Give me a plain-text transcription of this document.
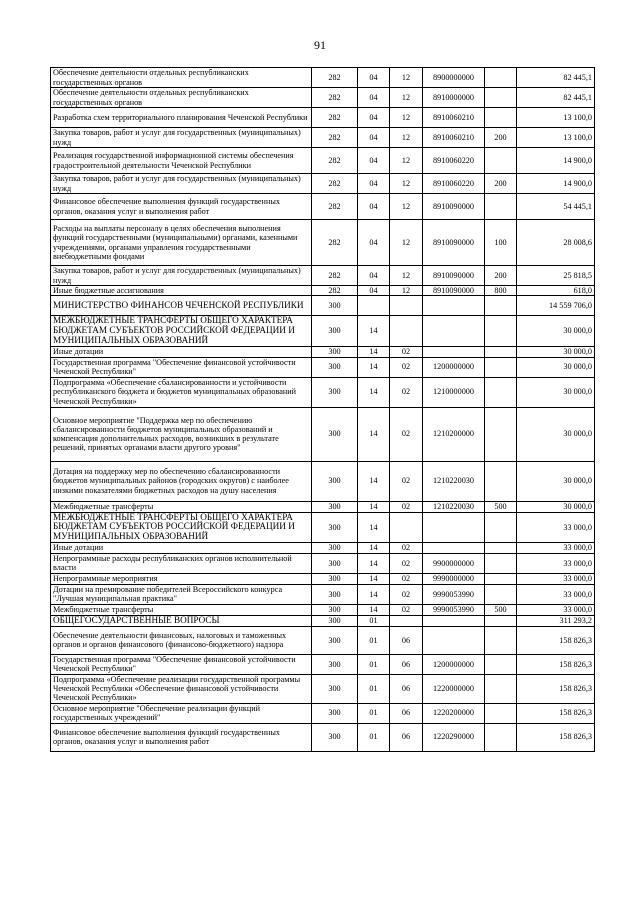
91
Обеспечение деятельности отдельных республиканских государственных органов	282	04	12	8900000000		82 445,1
Обеспечение деятельности отдельных республиканских государственных органов	282	04	12	8910000000		82 445,1
Разработка схем территориального планирования Чеченской Республики	282	04	12	8910060210		13 100,0
Закупка товаров, работ и услуг для государственных (муниципальных) нужд	282	04	12	8910060210	200	13 100,0
Реализация государственной информационной системы обеспечения градостроительной деятельности Чеченской Республики	282	04	12	8910060220		14 900,0
Закупка товаров, работ и услуг для государственных (муниципальных) нужд	282	04	12	8910060220	200	14 900,0
Финансовое обеспечение выполнения функций государственных органов, оказания услуг и выполнения работ	282	04	12	8910090000		54 445,1
Расходы на выплаты персоналу в целях обеспечения выполнения функций государственными (муниципальными) органами, казенными учреждениями, органами управления государственными внебюджетными фондами	282	04	12	8910090000	100	28 008,6
Закупка товаров, работ и услуг для государственных (муниципальных) нужд	282	04	12	8910090000	200	25 818,5
Иные бюджетные ассигнования	282	04	12	8910090000	800	618,0
МИНИСТЕРСТВО ФИНАНСОВ ЧЕЧЕНСКОЙ РЕСПУБЛИКИ	300					14 559 706,0
МЕЖБЮДЖЕТНЫЕ ТРАНСФЕРТЫ ОБЩЕГО ХАРАКТЕРА БЮДЖЕТАМ СУБЪЕКТОВ РОССИЙСКОЙ ФЕДЕРАЦИИ И МУНИЦИПАЛЬНЫХ ОБРАЗОВАНИЙ	300	14				30 000,0
Иные дотации	300	14	02			30 000,0
Государственная программа "Обеспечение финансовой устойчивости Чеченской Республики"	300	14	02	1200000000		30 000,0
Подпрограмма «Обеспечение сбалансированности и устойчивости республиканского бюджета и бюджетов муниципальных образований Чеченской Республики»	300	14	02	1210000000		30 000,0
Основное мероприятие "Поддержка мер по обеспечению сбалансированности бюджетов муниципальных образований и компенсация дополнительных расходов, возникших в результате решений, принятых органами власти другого уровня"	300	14	02	1210200000		30 000,0
Дотация на поддержку мер по обеспечению сбалансированности бюджетов муниципальных районов (городских округов) с наиболее низкими показателями бюджетных расходов на душу населения	300	14	02	1210220030		30 000,0
Межбюджетные трансферты	300	14	02	1210220030	500	30 000,0
МЕЖБЮДЖЕТНЫЕ ТРАНСФЕРТЫ ОБЩЕГО ХАРАКТЕРА БЮДЖЕТАМ СУБЪЕКТОВ РОССИЙСКОЙ ФЕДЕРАЦИИ И МУНИЦИПАЛЬНЫХ ОБРАЗОВАНИЙ	300	14				33 000,0
Иные дотации	300	14	02			33 000,0
Непрограммные расходы республиканских органов исполнительной власти	300	14	02	9900000000		33 000,0
Непрограммные мероприятия	300	14	02	9990000000		33 000,0
Дотации на премирование победителей Всероссийского конкурса "Лучшая муниципальная практика"	300	14	02	9990053990		33 000,0
Межбюджетные трансферты	300	14	02	9990053990	500	33 000,0
ОБЩЕГОСУДАРСТВЕННЫЕ ВОПРОСЫ	300	01				311 293,2
Обеспечение деятельности финансовых, налоговых и таможенных органов и органов финансового (финансово-бюджетного) надзора	300	01	06			158 826,3
Государственная программа "Обеспечение финансовой устойчивости Чеченской Республики"	300	01	06	1200000000		158 826,3
Подпрограмма «Обеспечение реализации государственной программы Чеченской Республики «Обеспечение финансовой устойчивости Чеченской Республики»	300	01	06	1220000000		158 826,3
Основное мероприятие "Обеспечение реализации функций государственных учреждений"	300	01	06	1220200000		158 826,3
Финансовое обеспечение выполнения функций государственных органов, оказания услуг и выполнения работ	300	01	06	1220290000		158 826,3
